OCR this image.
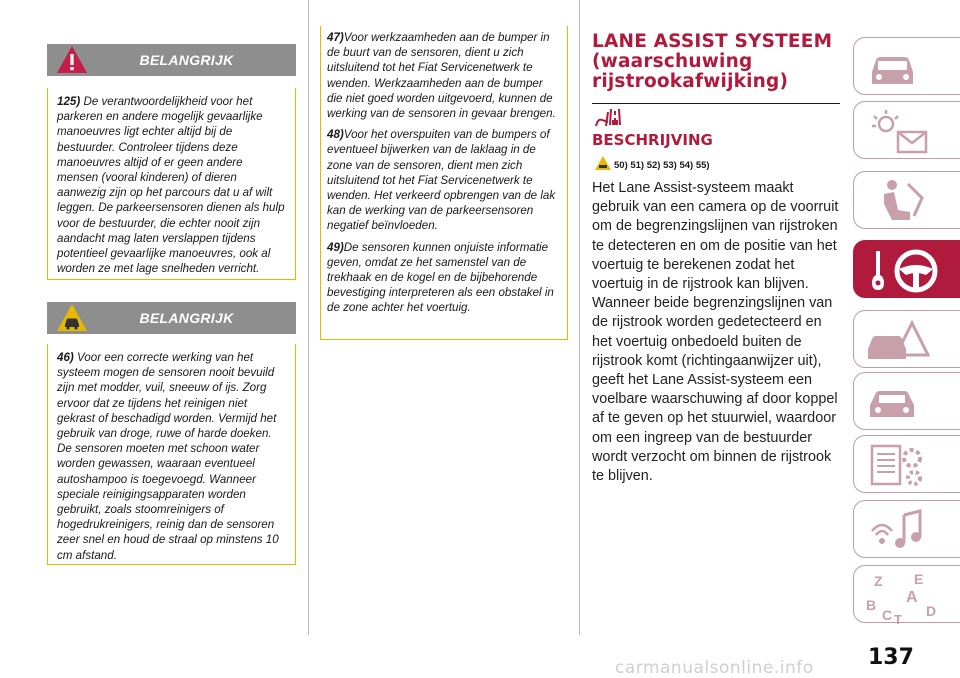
BELANGRIJK
125) De verantwoordelijkheid voor het parkeren en andere mogelijk gevaarlijke manoeuvres ligt echter altijd bij de bestuurder. Controleer tijdens deze manoeuvres altijd of er geen andere mensen (vooral kinderen) of dieren aanwezig zijn op het parcours dat u af wilt leggen. De parkeersensoren dienen als hulp voor de bestuurder, die echter nooit zijn aandacht mag laten verslappen tijdens potentieel gevaarlijke manoeuvres, ook al worden ze met lage snelheden verricht.
BELANGRIJK
46) Voor een correcte werking van het systeem mogen de sensoren nooit bevuild zijn met modder, vuil, sneeuw of ijs. Zorg ervoor dat ze tijdens het reinigen niet gekrast of beschadigd worden. Vermijd het gebruik van droge, ruwe of harde doeken. De sensoren moeten met schoon water worden gewassen, waaraan eventueel autoshampoo is toegevoegd. Wanneer speciale reinigingsapparaten worden gebruikt, zoals stoomreinigers of hogedrukreinigers, reinig dan de sensoren zeer snel en houd de straal op minstens 10 cm afstand.

47)Voor werkzaamheden aan de bumper in de buurt van de sensoren, dient u zich uitsluitend tot het Fiat Servicenetwerk te wenden. Werkzaamheden aan de bumper die niet goed worden uitgevoerd, kunnen de werking van de sensoren in gevaar brengen.

48)Voor het overspuiten van de bumpers of eventueel bijwerken van de laklaag in de zone van de sensoren, dient men zich uitsluitend tot het Fiat Servicenetwerk te wenden. Het verkeerd opbrengen van de lak kan de werking van de parkeersensoren negatief beïnvloeden.

49)De sensoren kunnen onjuiste informatie geven, omdat ze het samenstel van de trekhaak en de kogel en de bijbehorende bevestiging interpreteren als een obstakel in de zone achter het voertuig.

LANE ASSIST SYSTEEM (waarschuwing rijstrookafwijking)
BESCHRIJVING
50) 51) 52) 53) 54) 55)
Het Lane Assist-systeem maakt gebruik van een camera op de voorruit om de begrenzingslijnen van rijstroken te detecteren en om de positie van het voertuig te berekenen zodat het voertuig in de rijstrook kan blijven. Wanneer beide begrenzingslijnen van de rijstrook worden gedetecteerd en het voertuig onbedoeld buiten de rijstrook komt (richtingaanwijzer uit), geeft het Lane Assist-systeem een voelbare waarschuwing af door koppel af te geven op het stuurwiel, waardoor om een ingreep van de bestuurder wordt verzocht om binnen de rijstrook te blijven.
Z E
A
B
C T
D
137
carmanualsonline.info
